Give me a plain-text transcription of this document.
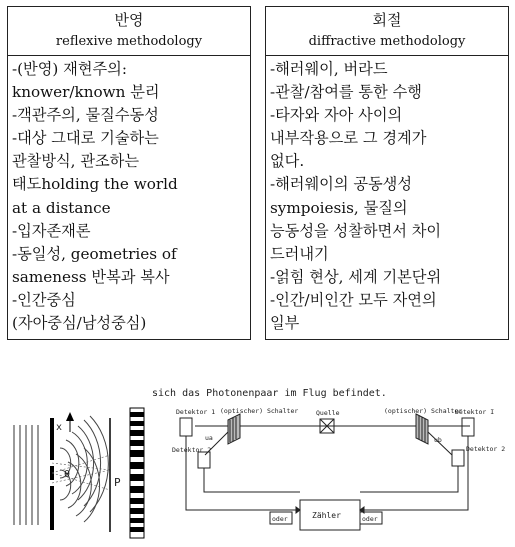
반영
reflexive methodology
-(반영) 재현주의:
knower/known 분리
-객관주의, 물질수동성
-대상 그대로 기술하는
관찰방식, 관조하는
태도holding the world
at a distance
-입자존재론
-동일성, geometries of
sameness 반복과 복사
-인간중심
(자아중심/남성중심)
회절
diffractive methodology
-해러웨이, 버라드
-관찰/참여를 통한 수행
-타자와 자아 사이의
내부작용으로 그 경계가
없다.
-해러웨이의 공동생성
sympoiesis, 물질의
능동성을 성찰하면서 차이
드러내기
-얽힘 현상, 세계 기본단위
-인간/비인간 모두 자연의
일부
sich das Photonenpaar im Flug befindet.
x
θ
P
Detektor 1 (optischer) Schalter	Quelle	(optischer) Schalter
Detektor I
Detektor 2	Detektor 2
ua	ub
oder	Zähler	oder
